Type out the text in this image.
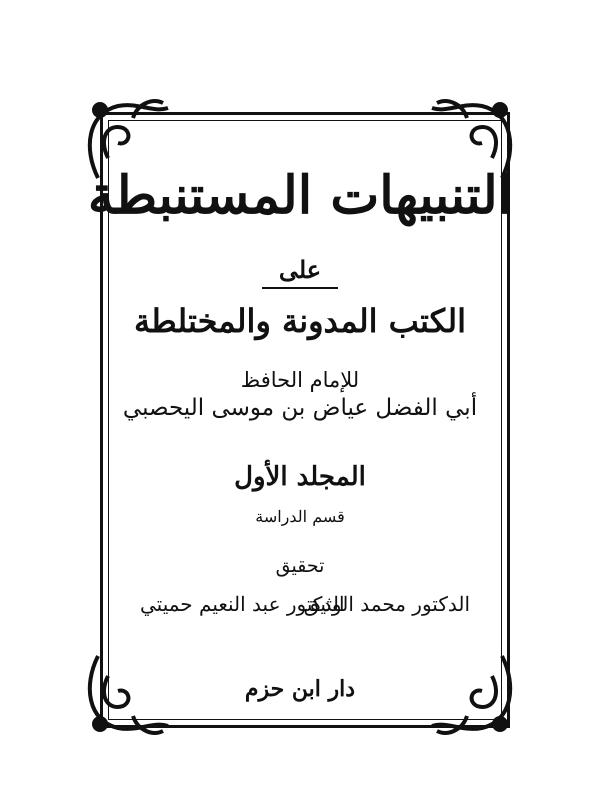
التنبيهات المستنبطة
على
الكتب المدونة والمختلطة
للإمام الحافظ
أبي الفضل عياض بن موسى اليحصبي
المجلد الأول
قسم الدراسة
تحقيق
الدكتور محمد الوثيق
الدكتور عبد النعيم حميتي
دار ابن حزم
